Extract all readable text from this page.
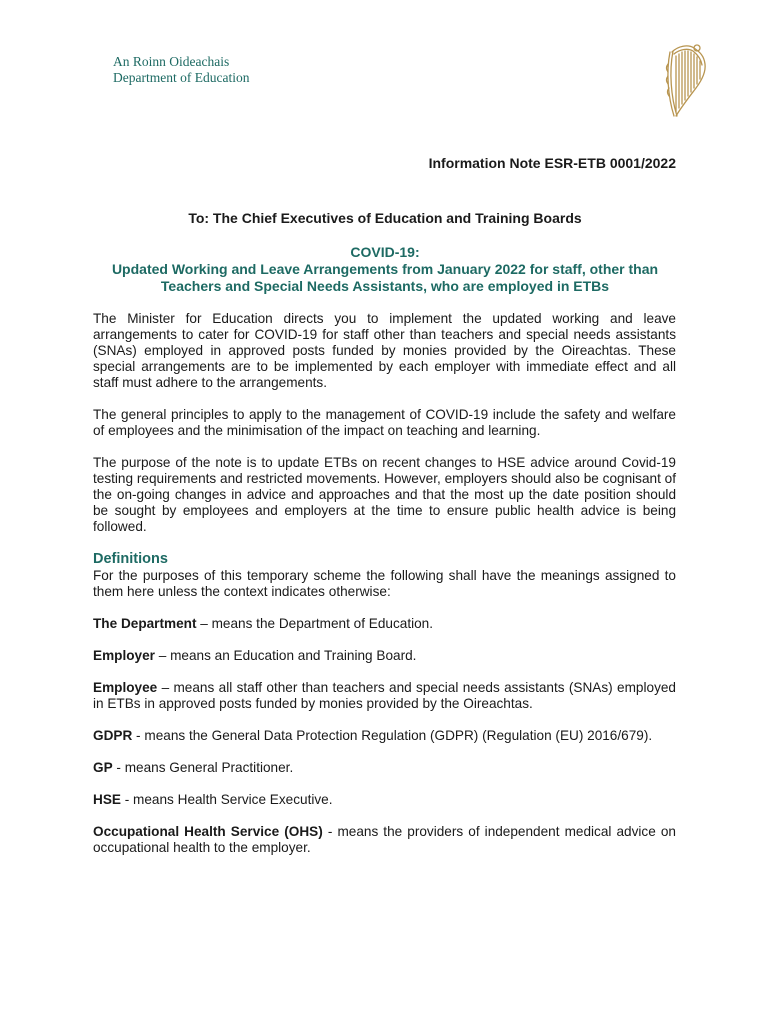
An Roinn Oideachais
Department of Education
Information Note ESR-ETB 0001/2022
To: The Chief Executives of Education and Training Boards
COVID-19:
Updated Working and Leave Arrangements from January 2022 for staff, other than Teachers and Special Needs Assistants, who are employed in ETBs

The Minister for Education directs you to implement the updated working and leave arrangements to cater for COVID-19 for staff other than teachers and special needs assistants (SNAs) employed in approved posts funded by monies provided by the Oireachtas. These special arrangements are to be implemented by each employer with immediate effect and all staff must adhere to the arrangements.

The general principles to apply to the management of COVID-19 include the safety and welfare of employees and the minimisation of the impact on teaching and learning.

The purpose of the note is to update ETBs on recent changes to HSE advice around Covid-19 testing requirements and restricted movements. However, employers should also be cognisant of the on-going changes in advice and approaches and that the most up the date position should be sought by employees and employers at the time to ensure public health advice is being followed.

Definitions

For the purposes of this temporary scheme the following shall have the meanings assigned to them here unless the context indicates otherwise:

The Department – means the Department of Education.

Employer – means an Education and Training Board.

Employee – means all staff other than teachers and special needs assistants (SNAs) employed in ETBs in approved posts funded by monies provided by the Oireachtas.

GDPR - means the General Data Protection Regulation (GDPR) (Regulation (EU) 2016/679).

GP - means General Practitioner.

HSE - means Health Service Executive.

Occupational Health Service (OHS) - means the providers of independent medical advice on occupational health to the employer.
